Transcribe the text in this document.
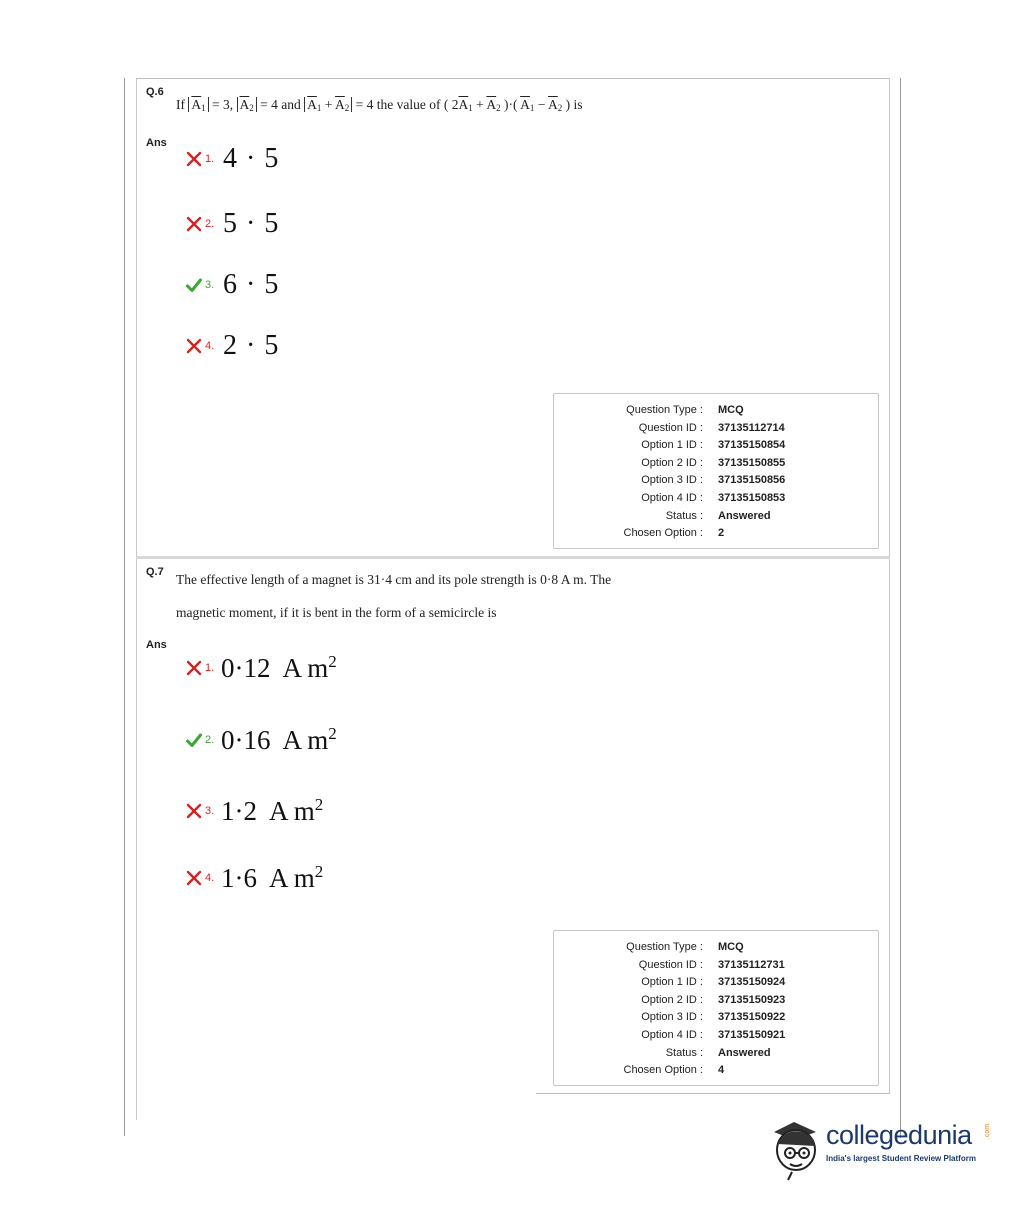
Q.6
If $\overline{A}_1 = 3$, $\overline{A}_2 = 4$ and $\overline{A}_1 + \overline{A}_2 = 4$ the value of ( $2\overline{A}_1 + \overline{A}_2$ )·( $\overline{A}_1 - \overline{A}_2$ ) is
Ans
1. 4 · 5
2. 5 · 5
3. 6 · 5
4. 2 · 5
Question Type : MCQ
Question ID : 37135112714
Option 1 ID : 37135150854
Option 2 ID : 37135150855
Option 3 ID : 37135150856
Option 4 ID : 37135150853
Status : Answered
Chosen Option : 2
Q.7 The effective length of a magnet is 31·4 cm and its pole strength is 0·8 A m. The
magnetic moment, if it is bent in the form of a semicircle is
Ans
1. 0·12 A $m^2$
2. 0·16 A $m^2$
3. 1·2 A $m^2$
4. 1·6 A $m^2$
Question Type : MCQ
Question ID : 37135112731
Option 1 ID : 37135150924
Option 2 ID : 37135150923
Option 3 ID : 37135150922
Option 4 ID : 37135150921
Status : Answered
Chosen Option : 4
collegedunia .com
India's largest Student Review Platform
